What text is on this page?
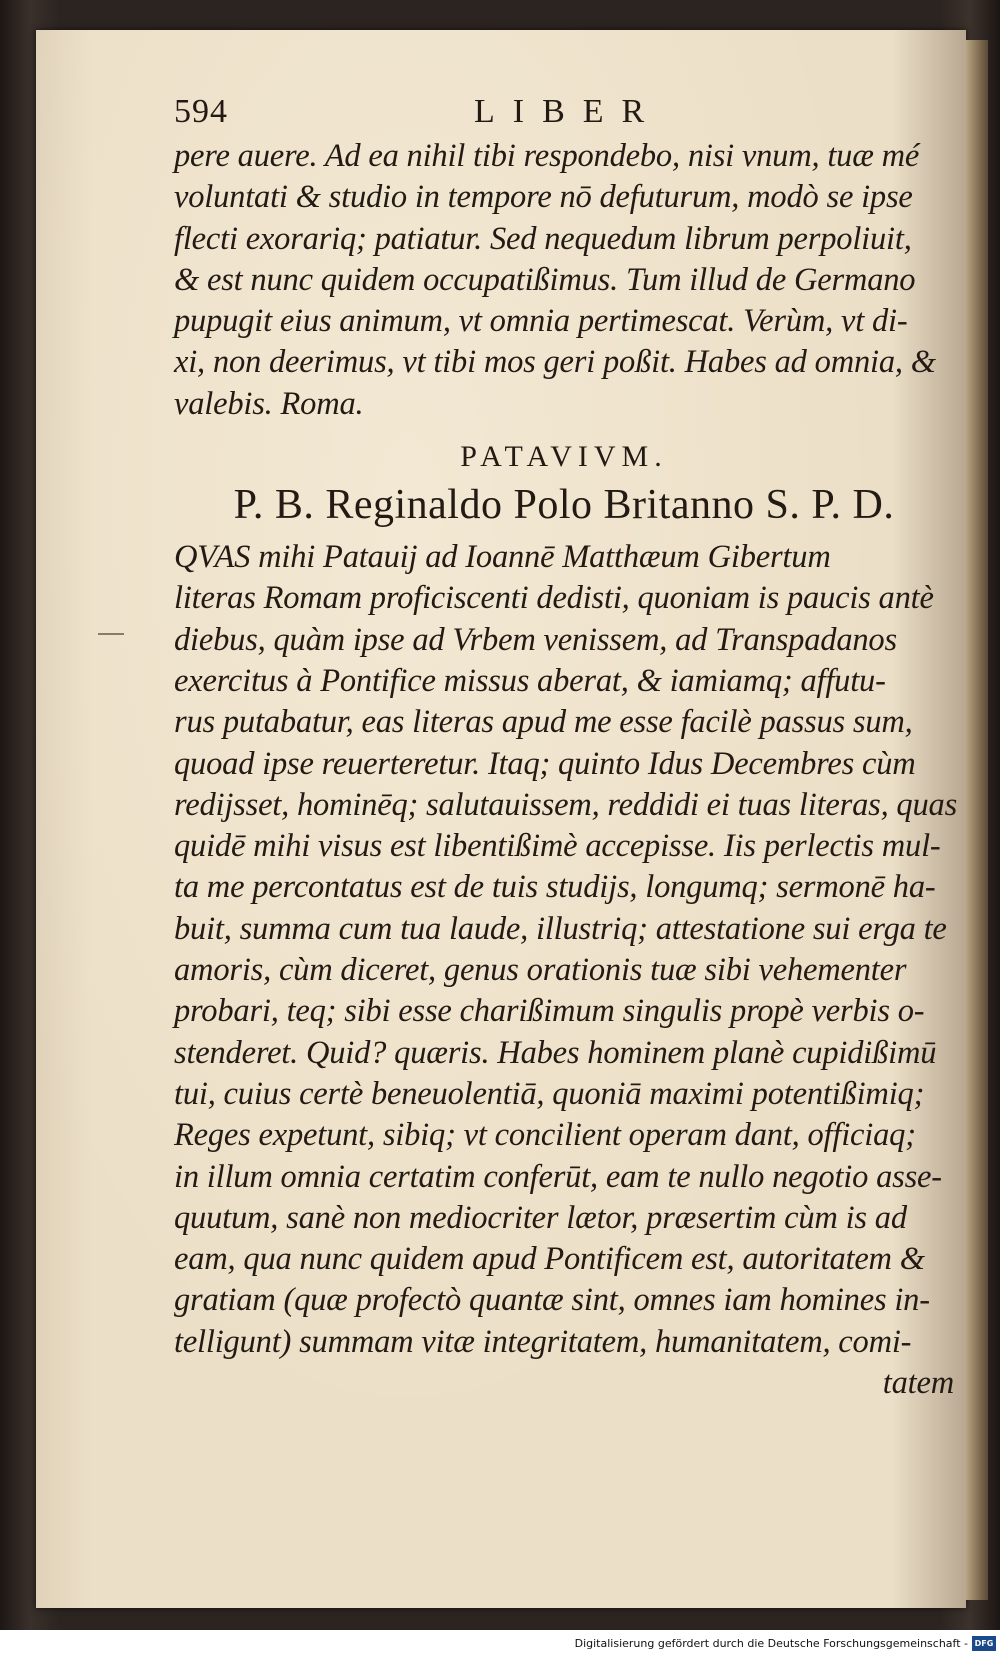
594	LIBER
pere auere. Ad ea nihil tibi respondebo, nisi vnum, tuæ mé
voluntati & studio in tempore nō defuturum, modò se ipse
flecti exorariq; patiatur. Sed nequedum librum perpoliuit,
& est nunc quidem occupatißimus. Tum illud de Germano
pupugit eius animum, vt omnia pertimescat. Verùm, vt di-
xi, non deerimus, vt tibi mos geri poßit. Habes ad omnia, &
valebis. Roma.
PATAVIVM.
P. B. Reginaldo Polo Britanno S. P. D.
QVAS mihi Patauij ad Ioannē Matthæum Gibertum
literas Romam proficiscenti dedisti, quoniam is paucis antè
diebus, quàm ipse ad Vrbem venissem, ad Transpadanos
exercitus à Pontifice missus aberat, & iamiamq; affutu-
rus putabatur, eas literas apud me esse facilè passus sum,
quoad ipse reuerteretur. Itaq; quinto Idus Decembres cùm
redijsset, hominēq; salutauissem, reddidi ei tuas literas, quas
quidē mihi visus est libentißimè accepisse. Iis perlectis mul-
ta me percontatus est de tuis studijs, longumq; sermonē ha-
buit, summa cum tua laude, illustriq; attestatione sui erga te
amoris, cùm diceret, genus orationis tuæ sibi vehementer
probari, teq; sibi esse charißimum singulis propè verbis o-
stenderet. Quid? quæris. Habes hominem planè cupidißimū
tui, cuius certè beneuolentiā, quoniā maximi potentißimiq;
Reges expetunt, sibiq; vt concilient operam dant, officiaq;
in illum omnia certatim conferūt, eam te nullo negotio asse-
quutum, sanè non mediocriter lætor, præsertim cùm is ad
eam, qua nunc quidem apud Pontificem est, autoritatem &
gratiam (quæ profectò quantæ sint, omnes iam homines in-
telligunt) summam vitæ integritatem, humanitatem, comi-
tatem
Digitalisierung gefördert durch die Deutsche Forschungsgemeinschaft - DFG
